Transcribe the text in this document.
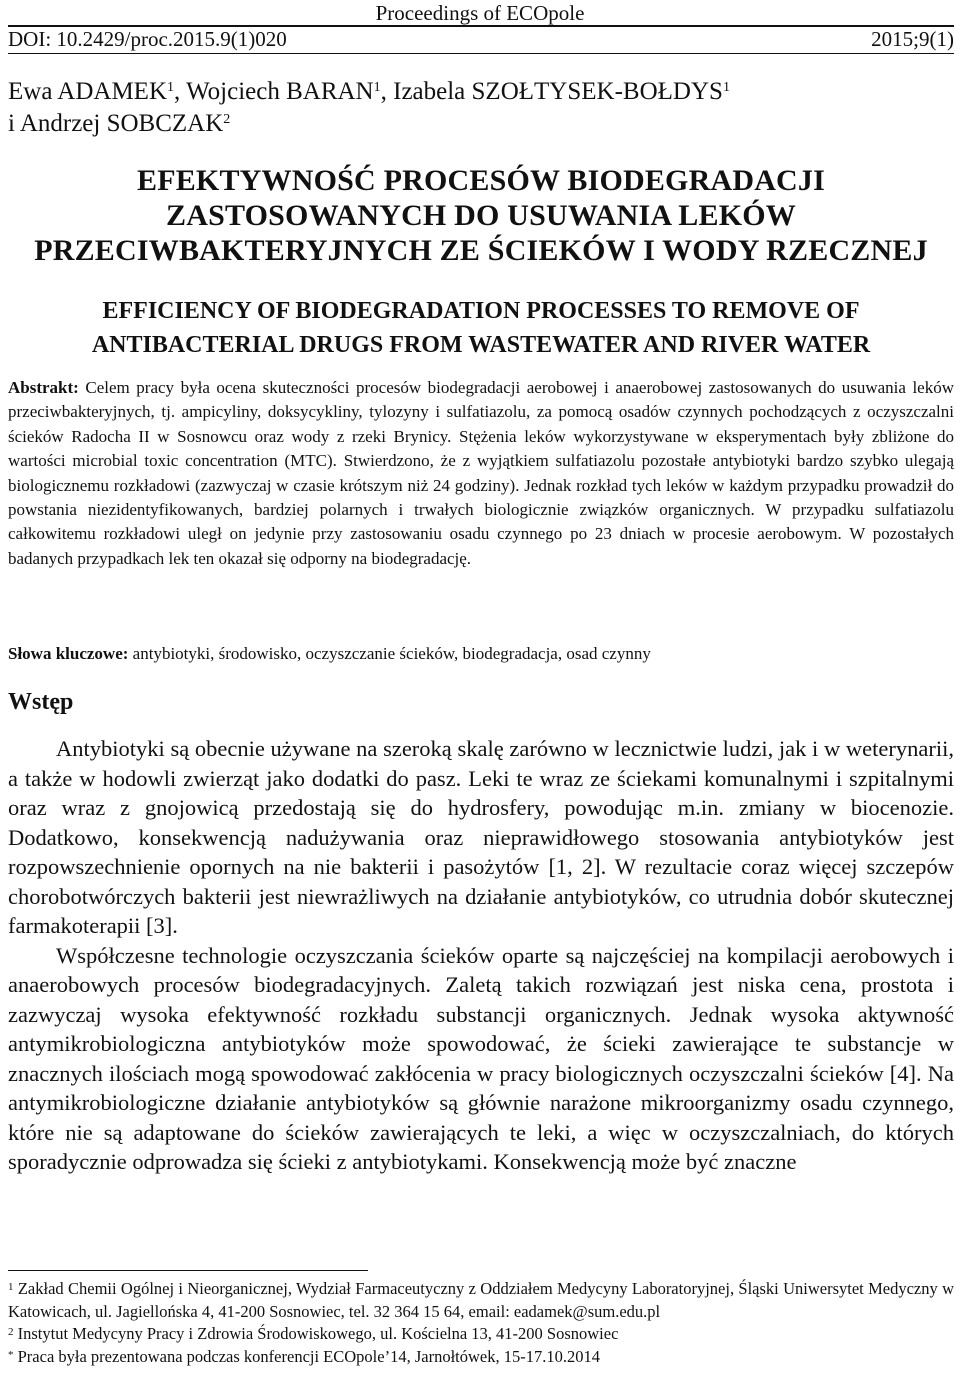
Proceedings of ECOpole
DOI: 10.2429/proc.2015.9(1)020	2015;9(1)
Ewa ADAMEK$^1$, Wojciech BARAN$^1$, Izabela SZOŁTYSEK-BOŁDYS$^1$
i Andrzej SOBCZAK$^2$
EFEKTYWNOŚĆ PROCESÓW BIODEGRADACJI ZASTOSOWANYCH DO USUWANIA LEKÓW PRZECIWBAKTERYJNYCH ZE ŚCIEKÓW I WODY RZECZNEJ
EFFICIENCY OF BIODEGRADATION PROCESSES TO REMOVE OF ANTIBACTERIAL DRUGS FROM WASTEWATER AND RIVER WATER
Abstrakt: Celem pracy była ocena skuteczności procesów biodegradacji aerobowej i anaerobowej zastosowanych do usuwania leków przeciwbakteryjnych, tj. ampicyliny, doksycykliny, tylozyny i sulfatiazolu, za pomocą osadów czynnych pochodzących z oczyszczalni ścieków Radocha II w Sosnowcu oraz wody z rzeki Brynicy. Stężenia leków wykorzystywane w eksperymentach były zbliżone do wartości microbial toxic concentration (MTC). Stwierdzono, że z wyjątkiem sulfatiazolu pozostałe antybiotyki bardzo szybko ulegają biologicznemu rozkładowi (zazwyczaj w czasie krótszym niż 24 godziny). Jednak rozkład tych leków w każdym przypadku prowadził do powstania niezidentyfikowanych, bardziej polarnych i trwałych biologicznie związków organicznych. W przypadku sulfatiazolu całkowitemu rozkładowi uległ on jedynie przy zastosowaniu osadu czynnego po 23 dniach w procesie aerobowym. W pozostałych badanych przypadkach lek ten okazał się odporny na biodegradację.
Słowa kluczowe: antybiotyki, środowisko, oczyszczanie ścieków, biodegradacja, osad czynny
Wstęp

Antybiotyki są obecnie używane na szeroką skalę zarówno w lecznictwie ludzi, jak i w weterynarii, a także w hodowli zwierząt jako dodatki do pasz. Leki te wraz ze ściekami komunalnymi i szpitalnymi oraz wraz z gnojowicą przedostają się do hydrosfery, powodując m.in. zmiany w biocenozie. Dodatkowo, konsekwencją nadużywania oraz nieprawidłowego stosowania antybiotyków jest rozpowszechnienie opornych na nie bakterii i pasożytów [1, 2]. W rezultacie coraz więcej szczepów chorobotwórczych bakterii jest niewrażliwych na działanie antybiotyków, co utrudnia dobór skutecznej farmakoterapii [3].

Współczesne technologie oczyszczania ścieków oparte są najczęściej na kompilacji aerobowych i anaerobowych procesów biodegradacyjnych. Zaletą takich rozwiązań jest niska cena, prostota i zazwyczaj wysoka efektywność rozkładu substancji organicznych. Jednak wysoka aktywność antymikrobiologiczna antybiotyków może spowodować, że ścieki zawierające te substancje w znacznych ilościach mogą spowodować zakłócenia w pracy biologicznych oczyszczalni ścieków [4]. Na antymikrobiologiczne działanie antybiotyków są głównie narażone mikroorganizmy osadu czynnego, które nie są adaptowane do ścieków zawierających te leki, a więc w oczyszczalniach, do których sporadycznie odprowadza się ścieki z antybiotykami. Konsekwencją może być znaczne

$^1$ Zakład Chemii Ogólnej i Nieorganicznej, Wydział Farmaceutyczny z Oddziałem Medycyny Laboratoryjnej, Śląski Uniwersytet Medyczny w Katowicach, ul. Jagiellońska 4, 41-200 Sosnowiec, tel. 32 364 15 64, email: eadamek@sum.edu.pl

$^2$ Instytut Medycyny Pracy i Zdrowia Środowiskowego, ul. Kościelna 13, 41-200 Sosnowiec

* Praca była prezentowana podczas konferencji ECOpole’14, Jarnołtówek, 15-17.10.2014
